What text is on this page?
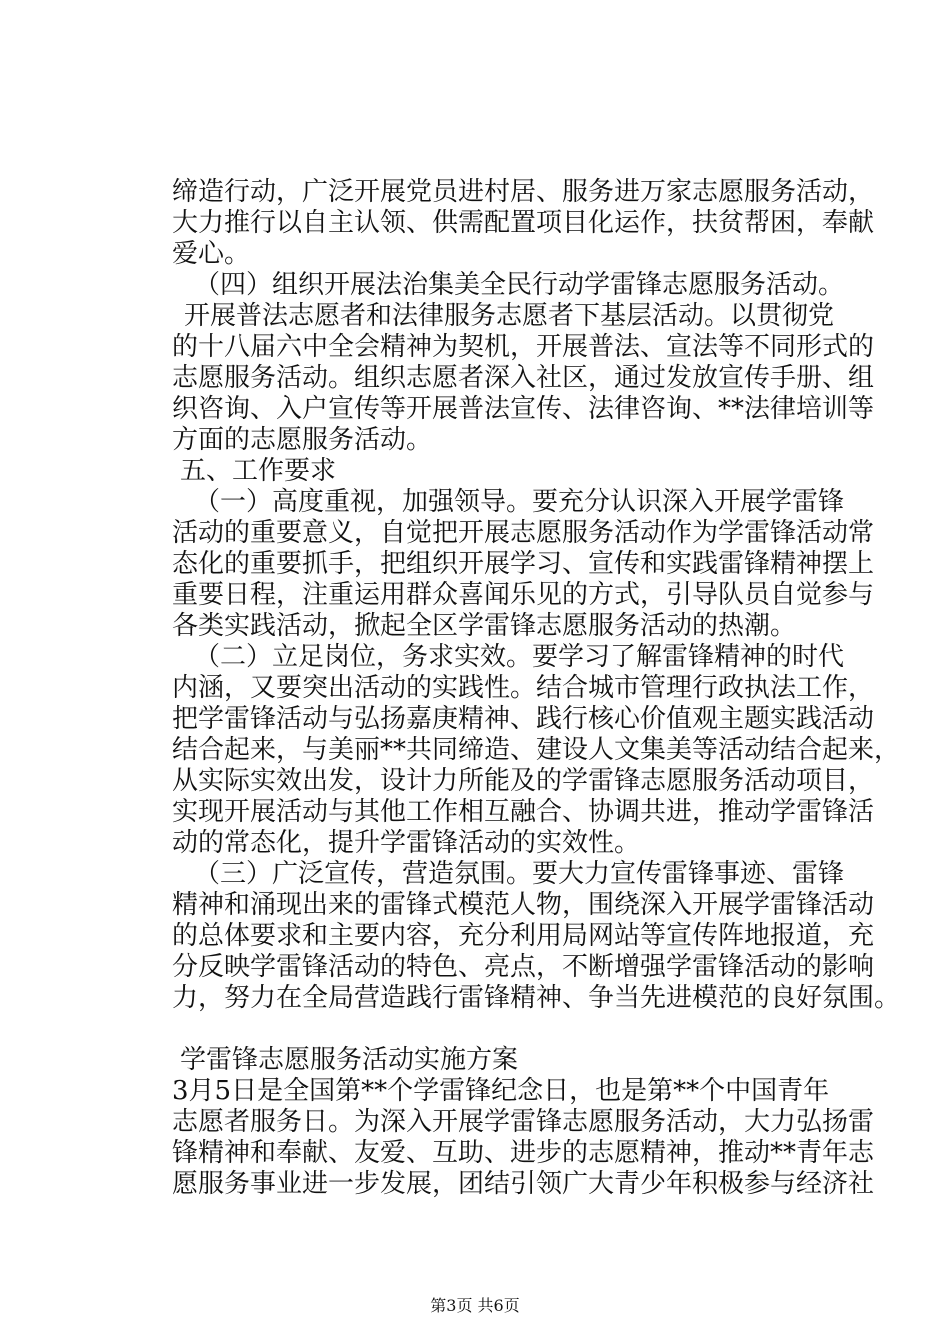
缔造行动，广泛开展党员进村居、服务进万家志愿服务活动，
大力推行以自主认领、供需配置项目化运作，扶贫帮困，奉献
爱心。
（四）组织开展法治集美全民行动学雷锋志愿服务活动。
开展普法志愿者和法律服务志愿者下基层活动。以贯彻党
的十八届六中全会精神为契机，开展普法、宣法等不同形式的
志愿服务活动。组织志愿者深入社区，通过发放宣传手册、组
织咨询、入户宣传等开展普法宣传、法律咨询、**法律培训等
方面的志愿服务活动。
五、工作要求
（一）高度重视，加强领导。要充分认识深入开展学雷锋
活动的重要意义，自觉把开展志愿服务活动作为学雷锋活动常
态化的重要抓手，把组织开展学习、宣传和实践雷锋精神摆上
重要日程，注重运用群众喜闻乐见的方式，引导队员自觉参与
各类实践活动，掀起全区学雷锋志愿服务活动的热潮。
（二）立足岗位，务求实效。要学习了解雷锋精神的时代
内涵，又要突出活动的实践性。结合城市管理行政执法工作，
把学雷锋活动与弘扬嘉庚精神、践行核心价值观主题实践活动
结合起来，与美丽**共同缔造、建设人文集美等活动结合起来，
从实际实效出发，设计力所能及的学雷锋志愿服务活动项目，
实现开展活动与其他工作相互融合、协调共进，推动学雷锋活
动的常态化，提升学雷锋活动的实效性。
（三）广泛宣传，营造氛围。要大力宣传雷锋事迹、雷锋
精神和涌现出来的雷锋式模范人物，围绕深入开展学雷锋活动
的总体要求和主要内容，充分利用局网站等宣传阵地报道，充
分反映学雷锋活动的特色、亮点，不断增强学雷锋活动的影响
力，努力在全局营造践行雷锋精神、争当先进模范的良好氛围。
学雷锋志愿服务活动实施方案
3月5日是全国第**个学雷锋纪念日，也是第**个中国青年
志愿者服务日。为深入开展学雷锋志愿服务活动，大力弘扬雷
锋精神和奉献、友爱、互助、进步的志愿精神，推动**青年志
愿服务事业进一步发展，团结引领广大青少年积极参与经济社
第3页 共6页
